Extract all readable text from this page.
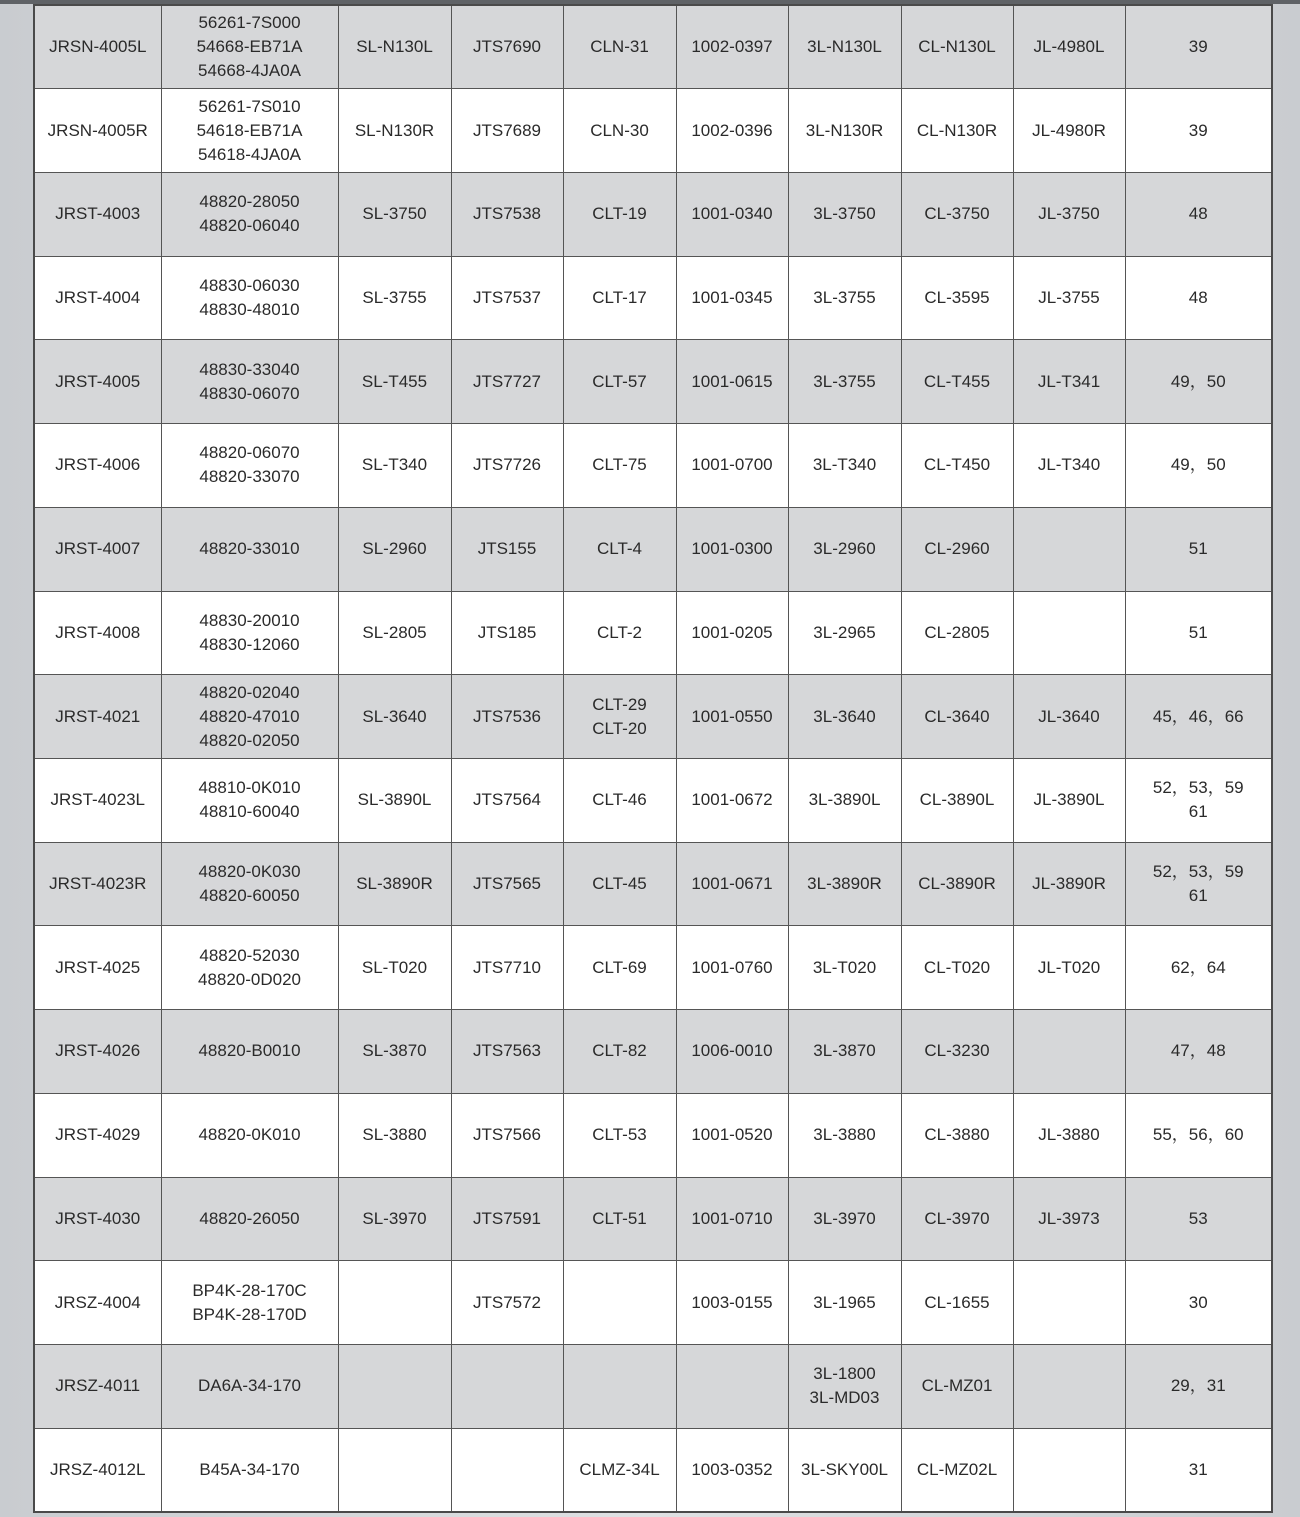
JRSN-4005L	56261-7S000
54668-EB71A
54668-4JA0A	SL-N130L	JTS7690	CLN-31	1002-0397	3L-N130L	CL-N130L	JL-4980L	39

JRSN-4005R	56261-7S010
54618-EB71A
54618-4JA0A	SL-N130R	JTS7689	CLN-30	1002-0396	3L-N130R	CL-N130R	JL-4980R	39

JRST-4003	48820-28050
48820-06040	SL-3750	JTS7538	CLT-19	1001-0340	3L-3750	CL-3750	JL-3750	48

JRST-4004	48830-06030
48830-48010	SL-3755	JTS7537	CLT-17	1001-0345	3L-3755	CL-3595	JL-3755	48

JRST-4005	48830-33040
48830-06070	SL-T455	JTS7727	CLT-57	1001-0615	3L-3755	CL-T455	JL-T341	49，50

JRST-4006	48820-06070
48820-33070	SL-T340	JTS7726	CLT-75	1001-0700	3L-T340	CL-T450	JL-T340	49，50

JRST-4007	48820-33010	SL-2960	JTS155	CLT-4	1001-0300	3L-2960	CL-2960		51

JRST-4008	48830-20010
48830-12060	SL-2805	JTS185	CLT-2	1001-0205	3L-2965	CL-2805		51

JRST-4021	48820-02040
48820-47010
48820-02050	SL-3640	JTS7536	CLT-29
CLT-20	1001-0550	3L-3640	CL-3640	JL-3640	45，46，66

JRST-4023L	48810-0K010
48810-60040	SL-3890L	JTS7564	CLT-46	1001-0672	3L-3890L	CL-3890L	JL-3890L	52，53，59
61

JRST-4023R	48820-0K030
48820-60050	SL-3890R	JTS7565	CLT-45	1001-0671	3L-3890R	CL-3890R	JL-3890R	52，53，59
61

JRST-4025	48820-52030
48820-0D020	SL-T020	JTS7710	CLT-69	1001-0760	3L-T020	CL-T020	JL-T020	62，64

JRST-4026	48820-B0010	SL-3870	JTS7563	CLT-82	1006-0010	3L-3870	CL-3230		47，48

JRST-4029	48820-0K010	SL-3880	JTS7566	CLT-53	1001-0520	3L-3880	CL-3880	JL-3880	55，56，60

JRST-4030	48820-26050	SL-3970	JTS7591	CLT-51	1001-0710	3L-3970	CL-3970	JL-3973	53

JRSZ-4004	BP4K-28-170C
BP4K-28-170D		JTS7572		1003-0155	3L-1965	CL-1655		30

JRSZ-4011	DA6A-34-170					3L-1800
3L-MD03	CL-MZ01		29，31

JRSZ-4012L	B45A-34-170			CLMZ-34L	1003-0352	3L-SKY00L	CL-MZ02L		31
